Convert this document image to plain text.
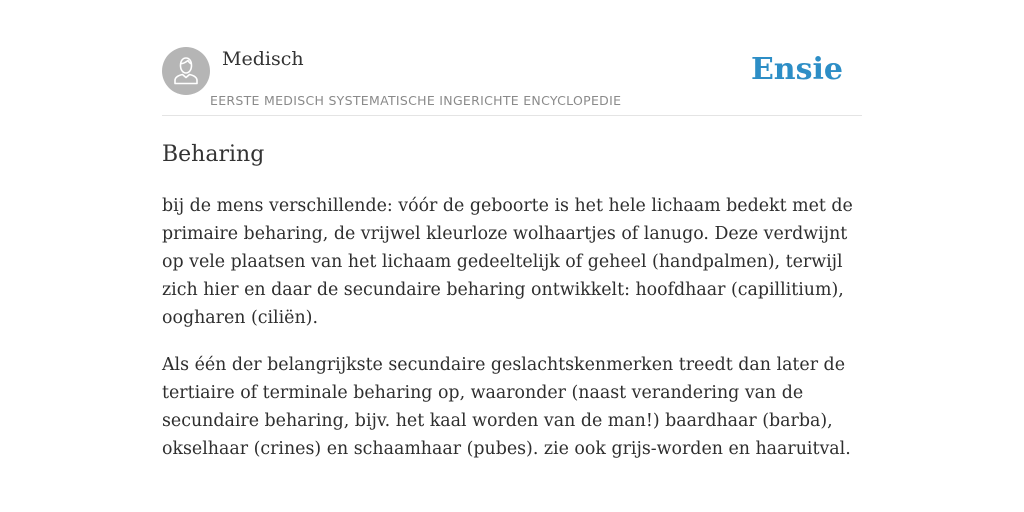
Medisch
EERSTE MEDISCH SYSTEMATISCHE INGERICHTE ENCYCLOPEDIE
Ensie
Beharing

bij de mens verschillende: vóór de geboorte is het hele lichaam bedekt met de primaire beharing, de vrijwel kleurloze wolhaartjes of lanugo. Deze verdwijnt op vele plaatsen van het lichaam gedeeltelijk of geheel (handpalmen), terwijl zich hier en daar de secundaire beharing ontwikkelt: hoofdhaar (capillitium), oogharen (ciliën).

Als één der belangrijkste secundaire geslachtskenmerken treedt dan later de tertiaire of terminale beharing op, waaronder (naast verandering van de secundaire beharing, bijv. het kaal worden van de man!) baardhaar (barba), okselhaar (crines) en schaamhaar (pubes). zie ook grijs-worden en haaruitval.
